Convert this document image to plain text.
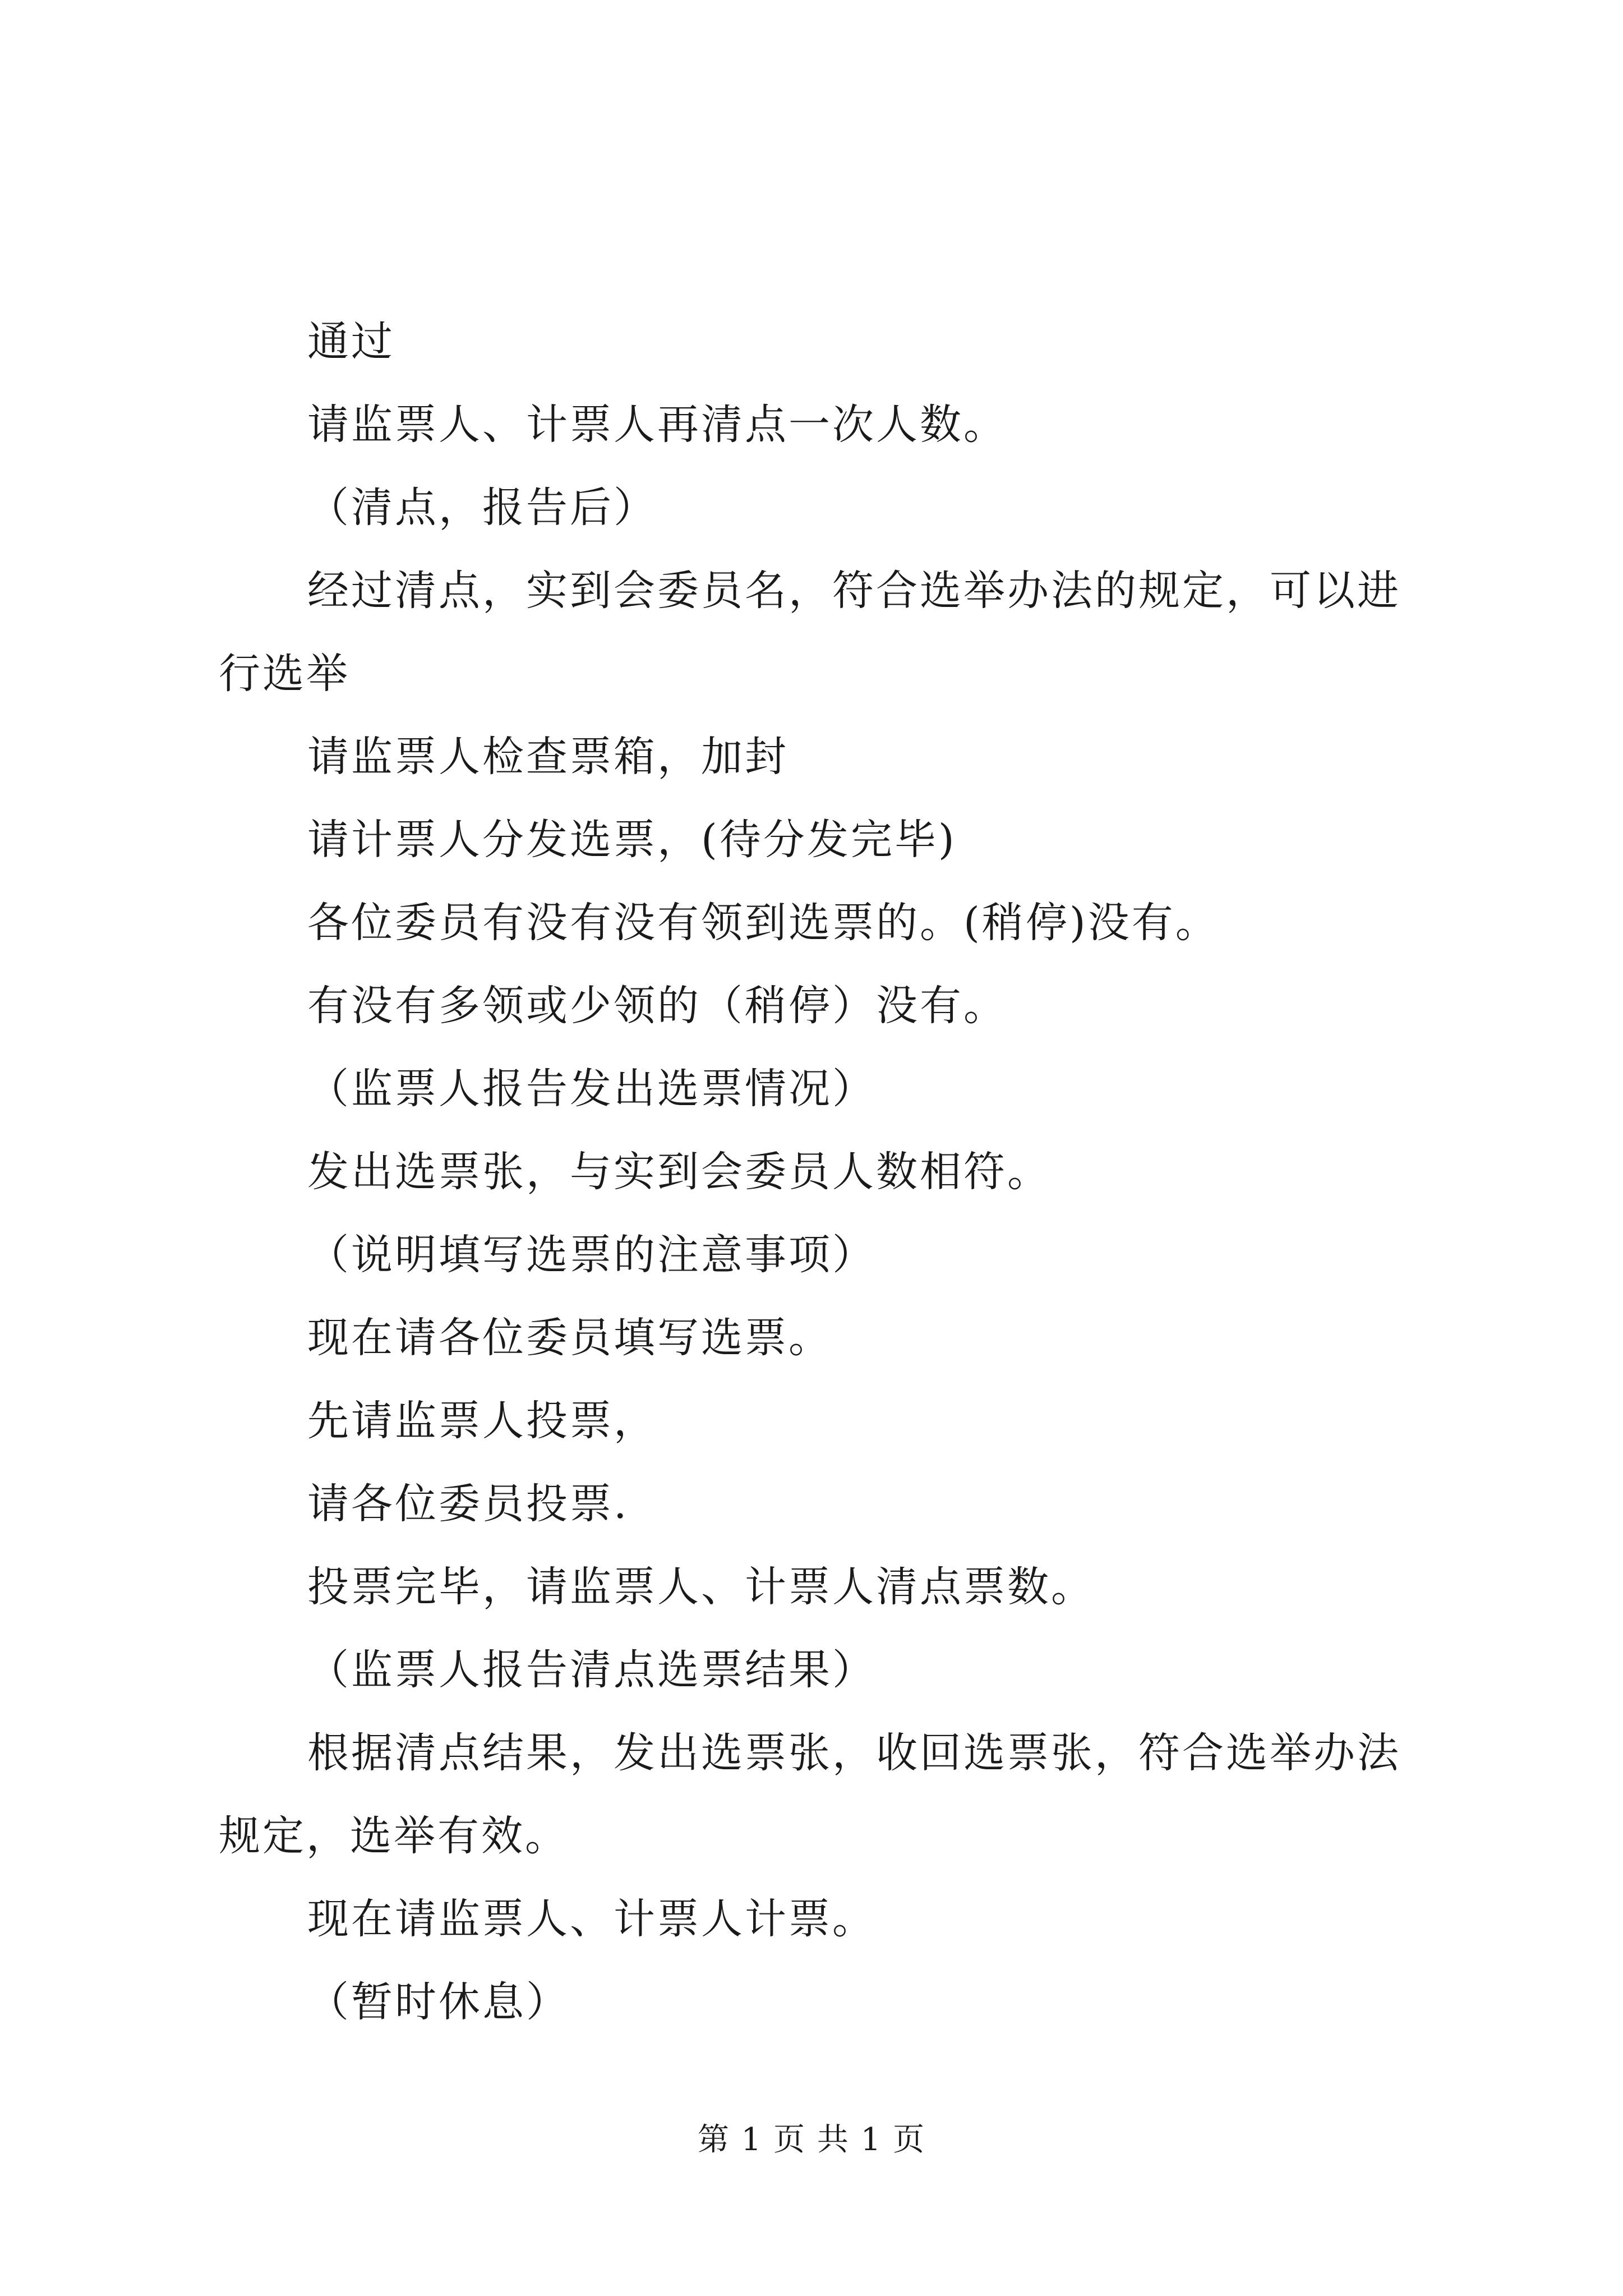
通过

请监票人、计票人再清点一次人数。

（清点，报告后）

经过清点，实到会委员名，符合选举办法的规定，可以进行选举

请监票人检查票箱，加封

请计票人分发选票，(待分发完毕)

各位委员有没有没有领到选票的。(稍停)没有。

有没有多领或少领的（稍停）没有。

（监票人报告发出选票情况）

发出选票张，与实到会委员人数相符。

（说明填写选票的注意事项）

现在请各位委员填写选票。

先请监票人投票，

请各位委员投票.

投票完毕，请监票人、计票人清点票数。

（监票人报告清点选票结果）

根据清点结果，发出选票张，收回选票张，符合选举办法规定，选举有效。

现在请监票人、计票人计票。

（暂时休息）

第 1 页 共 1 页
